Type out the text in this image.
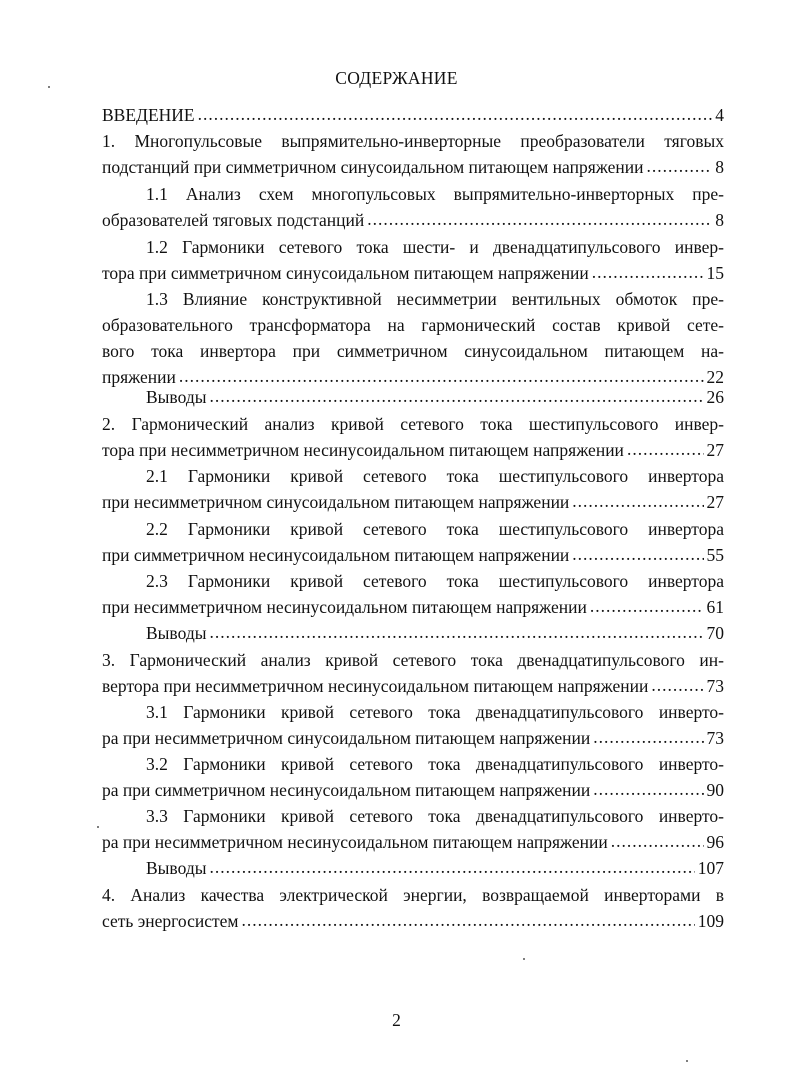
СОДЕРЖАНИЕ
ВВЕДЕНИЕ .....	4
1. Многопульсовые выпрямительно-инверторные преобразователи тяговых
подстанций при симметричном синусоидальном питающем напряжении .....	8
1.1 Анализ схем многопульсовых выпрямительно-инверторных пре-
образователей тяговых подстанций .....	8
1.2 Гармоники сетевого тока шести- и двенадцатипульсового инвер-
тора при симметричном синусоидальном питающем напряжении .....	15
1.3 Влияние конструктивной несимметрии вентильных обмоток пре-
образовательного трансформатора на гармонический состав кривой сете-
вого тока инвертора при симметричном синусоидальном питающем на-
пряжении .....	22
Выводы .....	26
2. Гармонический анализ кривой сетевого тока шестипульсового инвер-
тора при несимметричном несинусоидальном питающем напряжении .....	27
2.1 Гармоники кривой сетевого тока шестипульсового инвертора
при несимметричном синусоидальном питающем напряжении .....	27
2.2 Гармоники кривой сетевого тока шестипульсового инвертора
при симметричном несинусоидальном питающем напряжении .....	55
2.3 Гармоники кривой сетевого тока шестипульсового инвертора
при несимметричном несинусоидальном питающем напряжении .....	61
Выводы .....	70
3. Гармонический анализ кривой сетевого тока двенадцатипульсового ин-
вертора при несимметричном несинусоидальном питающем напряжении .....	73
3.1 Гармоники кривой сетевого тока двенадцатипульсового инверто-
ра при несимметричном синусоидальном питающем напряжении .....	73
3.2 Гармоники кривой сетевого тока двенадцатипульсового инверто-
ра при симметричном несинусоидальном питающем напряжении .....	90
3.3 Гармоники кривой сетевого тока двенадцатипульсового инверто-
ра при несимметричном несинусоидальном питающем напряжении .....	96
Выводы .....	107
4. Анализ качества электрической энергии, возвращаемой инверторами в
сеть энергосистем .....	109
2
